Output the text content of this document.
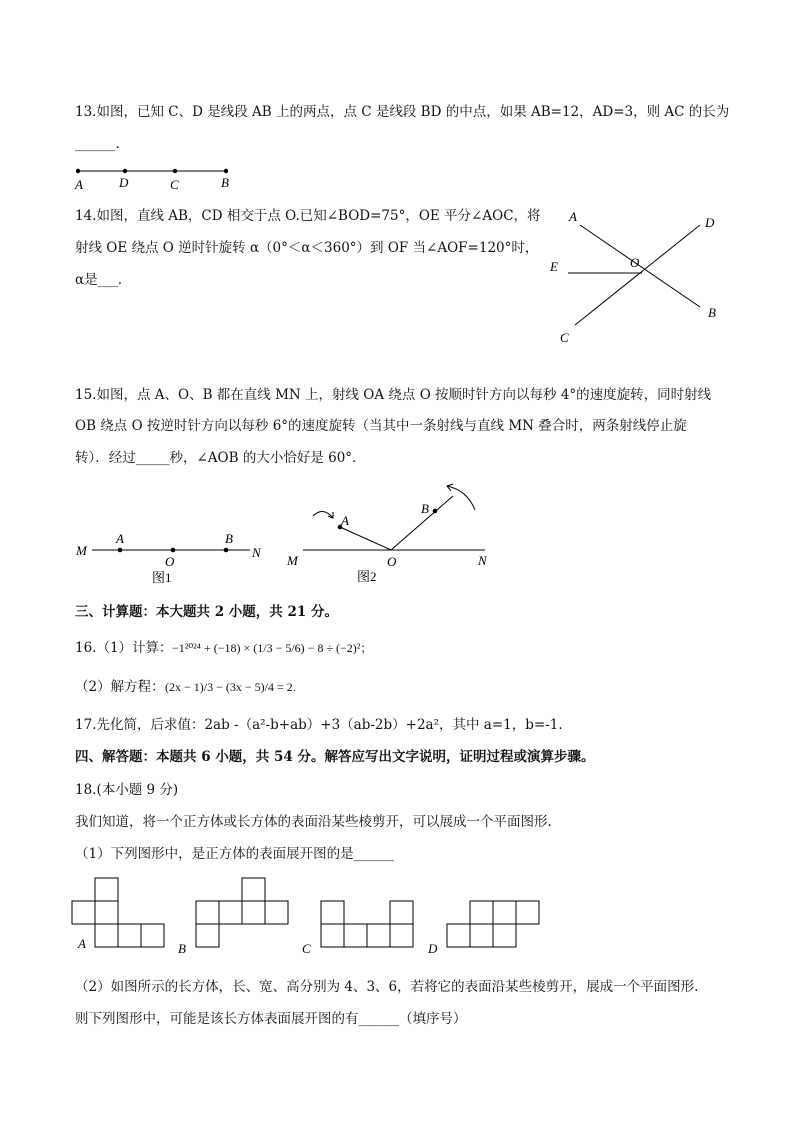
13.如图，已知 C、D 是线段 AB 上的两点，点 C 是线段 BD 的中点，如果 AB=12，AD=3，则 AC 的长为
______．
A	D	C	B
14.如图，直线 AB，CD 相交于点 O.已知∠BOD=75°，OE 平分∠AOC，将
射线 OE 绕点 O 逆时针旋转 α（0°＜α＜360°）到 OF 当∠AOF=120°时，
α是___．
A	D
E	O
B
C
15.如图，点 A、O、B 都在直线 MN 上，射线 OA 绕点 O 按顺时针方向以每秒 4°的速度旋转，同时射线
OB 绕点 O 按逆时针方向以每秒 6°的速度旋转（当其中一条射线与直线 MN 叠合时，两条射线停止旋
转）．经过_____秒，∠AOB 的大小恰好是 60°．
M
A
O
B
N
图1
M
A
O
B
N
图2
三、计算题：本大题共 2 小题，共 21 分。
16.（1）计算： −1²⁰²⁴ + (−18) × (1/3 − 5/6) − 8 ÷ (−2)²；
（2）解方程： (2x − 1)/3 − (3x − 5)/4 = 2.
17.先化简，后求值：2ab -（a²-b+ab）+3（ab-2b）+2a²，其中 a=1，b=-1.
四、解答题：本题共 6 小题，共 54 分。解答应写出文字说明，证明过程或演算步骤。
18.(本小题 9 分)
我们知道，将一个正方体或长方体的表面沿某些棱剪开，可以展成一个平面图形.
（1）下列图形中，是正方体的表面展开图的是______
A	B	C	D
（2）如图所示的长方体，长、宽、高分别为 4、3、6，若将它的表面沿某些棱剪开，展成一个平面图形.
则下列图形中，可能是该长方体表面展开图的有______（填序号）
